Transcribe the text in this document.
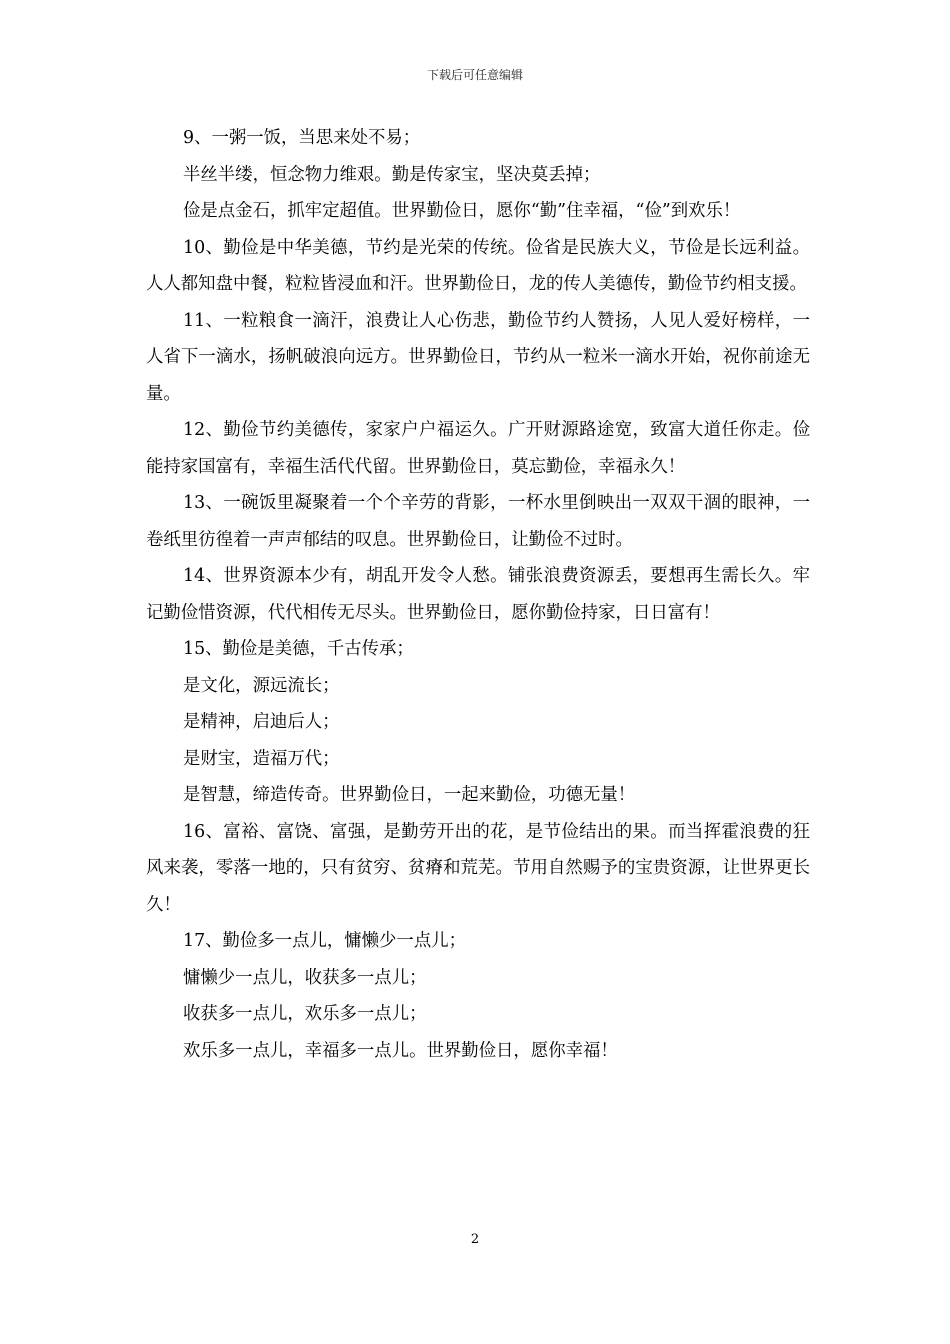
下载后可任意编辑

9、一粥一饭，当思来处不易；

半丝半缕，恒念物力维艰。勤是传家宝，坚决莫丢掉；

俭是点金石，抓牢定超值。世界勤俭日，愿你“勤”住幸福，“俭”到欢乐！

10、勤俭是中华美德，节约是光荣的传统。俭省是民族大义，节俭是长远利益。人人都知盘中餐，粒粒皆浸血和汗。世界勤俭日，龙的传人美德传，勤俭节约相支援。

11、一粒粮食一滴汗，浪费让人心伤悲，勤俭节约人赞扬，人见人爱好榜样，一人省下一滴水，扬帆破浪向远方。世界勤俭日，节约从一粒米一滴水开始，祝你前途无量。

12、勤俭节约美德传，家家户户福运久。广开财源路途宽，致富大道任你走。俭能持家国富有，幸福生活代代留。世界勤俭日，莫忘勤俭，幸福永久！

13、一碗饭里凝聚着一个个辛劳的背影，一杯水里倒映出一双双干涸的眼神，一卷纸里彷徨着一声声郁结的叹息。世界勤俭日，让勤俭不过时。

14、世界资源本少有，胡乱开发令人愁。铺张浪费资源丢，要想再生需长久。牢记勤俭惜资源，代代相传无尽头。世界勤俭日，愿你勤俭持家，日日富有！

15、勤俭是美德，千古传承；

是文化，源远流长；

是精神，启迪后人；

是财宝，造福万代；

是智慧，缔造传奇。世界勤俭日，一起来勤俭，功德无量！

16、富裕、富饶、富强，是勤劳开出的花，是节俭结出的果。而当挥霍浪费的狂风来袭，零落一地的，只有贫穷、贫瘠和荒芜。节用自然赐予的宝贵资源，让世界更长久！

17、勤俭多一点儿，慵懒少一点儿；

慵懒少一点儿，收获多一点儿；

收获多一点儿，欢乐多一点儿；

欢乐多一点儿，幸福多一点儿。世界勤俭日，愿你幸福！

2
